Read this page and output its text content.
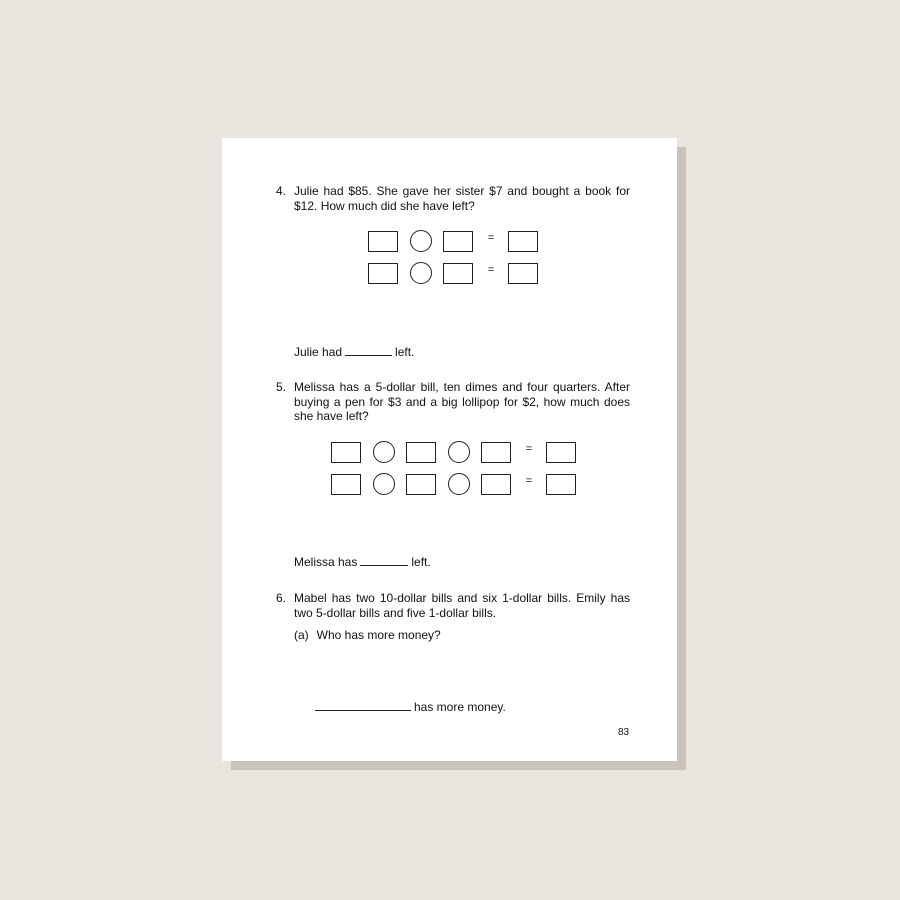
4. Julie had $85. She gave her sister $7 and bought a book for $12. How much did she have left?
=
=
Julie had	left.
5. Melissa has a 5-dollar bill, ten dimes and four quarters. After buying a pen for $3 and a big lollipop for $2, how much does she have left?
=
=
Melissa has	left.
6. Mabel has two 10-dollar bills and six 1-dollar bills. Emily has two 5-dollar bills and five 1-dollar bills.
(a) Who has more money?
has more money.
83
